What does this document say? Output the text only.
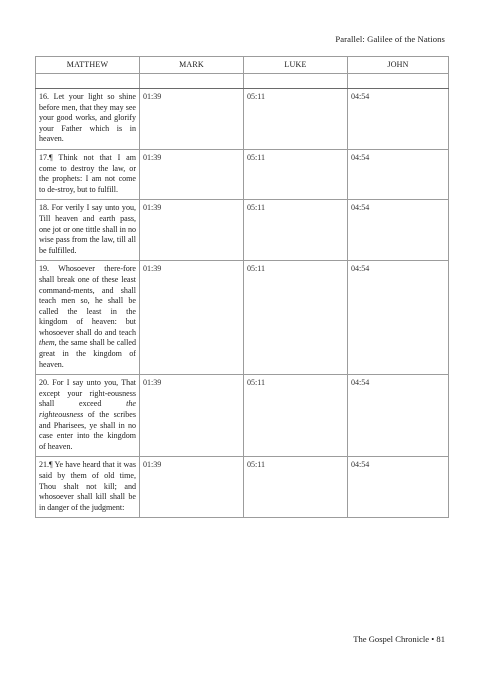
Parallel: Galilee of the Nations
MATTHEW	MARK	LUKE	JOHN

16. Let your light so shine before men, that they may see your good works, and glorify your Father which is in heaven.	01:39	05:11	04:54
17.¶ Think not that I am come to destroy the law, or the prophets: I am not come to de-stroy, but to fulfill.	01:39	05:11	04:54
18. For verily I say unto you, Till heaven and earth pass, one jot or one tittle shall in no wise pass from the law, till all be fulfilled.	01:39	05:11	04:54
19. Whosoever there-fore shall break one of these least command-ments, and shall teach men so, he shall be called the least in the kingdom of heaven: but whosoever shall do and teach them, the same shall be called great in the kingdom of heaven.	01:39	05:11	04:54
20. For I say unto you, That except your right-eousness shall exceed the righteousness of the scribes and Pharisees, ye shall in no case enter into the kingdom of heaven.	01:39	05:11	04:54
21.¶ Ye have heard that it was said by them of old time, Thou shalt not kill; and whosoever shall kill shall be in danger of the judgment:	01:39	05:11	04:54
The Gospel Chronicle • 81
